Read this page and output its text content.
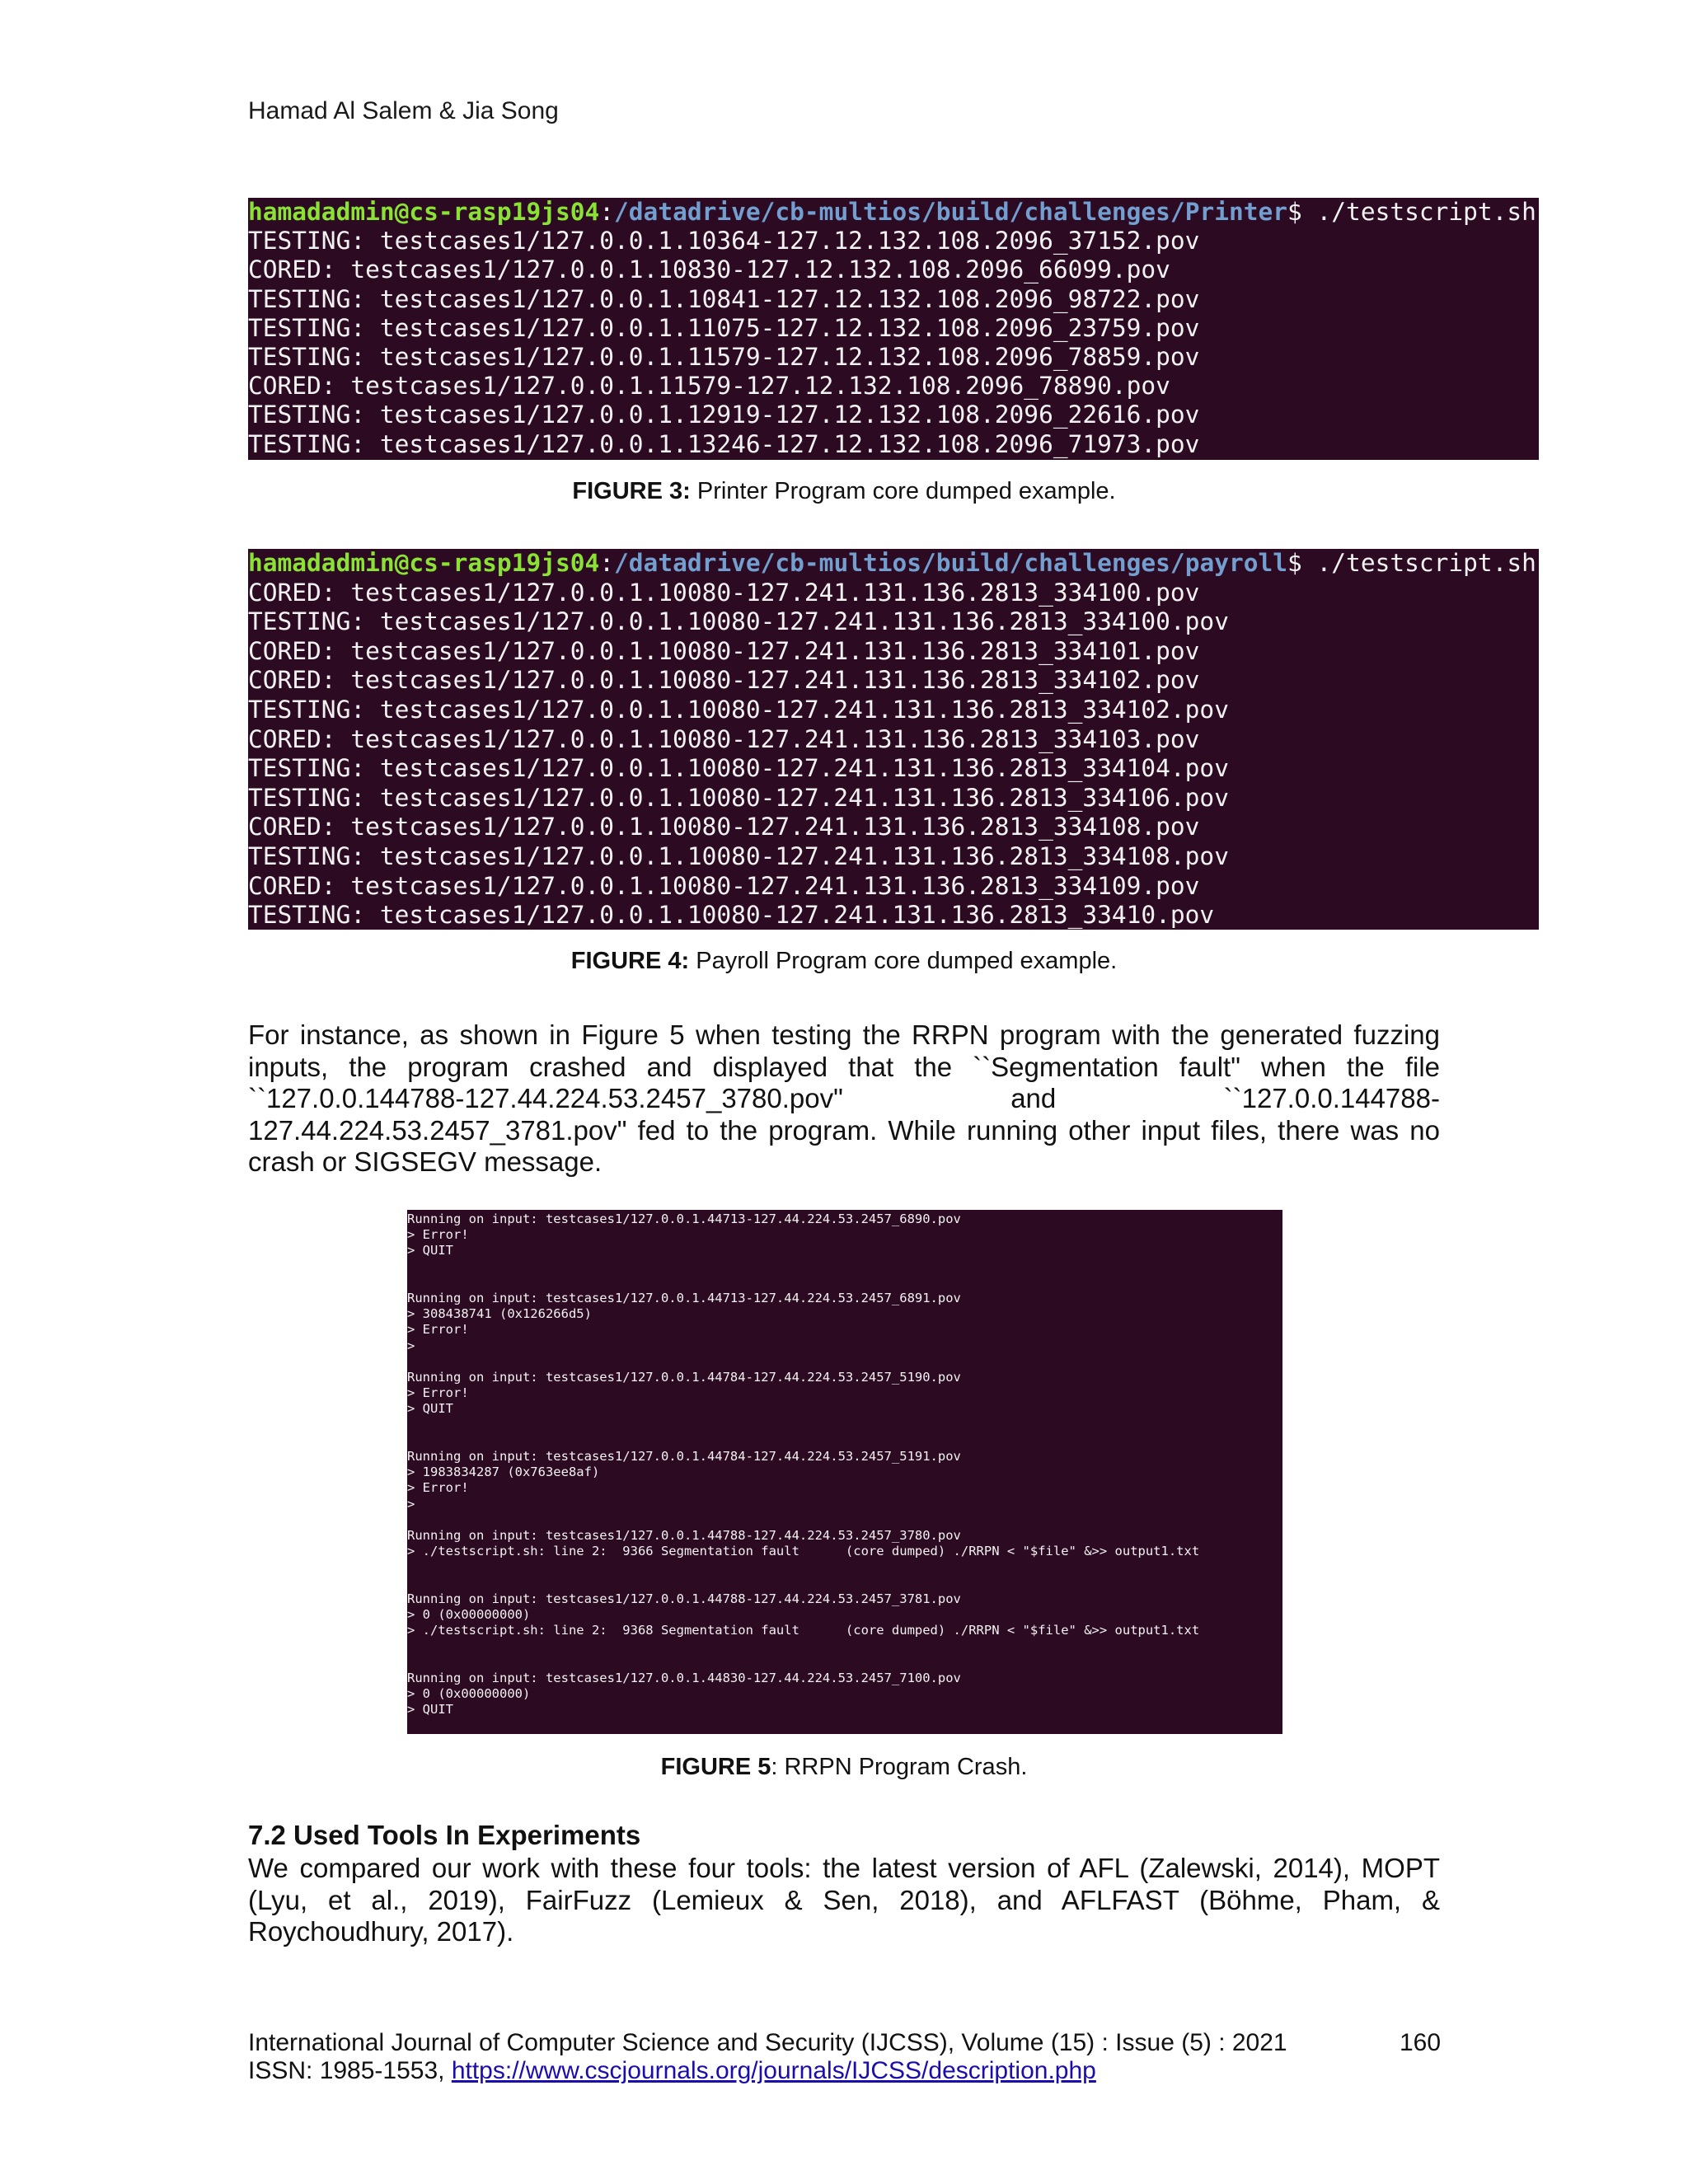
Hamad Al Salem & Jia Song
hamadadmin@cs-rasp19js04:/datadrive/cb-multios/build/challenges/Printer$ ./testscript.sh
TESTING: testcases1/127.0.0.1.10364-127.12.132.108.2096_37152.pov
CORED: testcases1/127.0.0.1.10830-127.12.132.108.2096_66099.pov
TESTING: testcases1/127.0.0.1.10841-127.12.132.108.2096_98722.pov
TESTING: testcases1/127.0.0.1.11075-127.12.132.108.2096_23759.pov
TESTING: testcases1/127.0.0.1.11579-127.12.132.108.2096_78859.pov
CORED: testcases1/127.0.0.1.11579-127.12.132.108.2096_78890.pov
TESTING: testcases1/127.0.0.1.12919-127.12.132.108.2096_22616.pov
TESTING: testcases1/127.0.0.1.13246-127.12.132.108.2096_71973.pov
FIGURE 3: Printer Program core dumped example.
hamadadmin@cs-rasp19js04:/datadrive/cb-multios/build/challenges/payroll$ ./testscript.sh
CORED: testcases1/127.0.0.1.10080-127.241.131.136.2813_334100.pov
TESTING: testcases1/127.0.0.1.10080-127.241.131.136.2813_334100.pov
CORED: testcases1/127.0.0.1.10080-127.241.131.136.2813_334101.pov
CORED: testcases1/127.0.0.1.10080-127.241.131.136.2813_334102.pov
TESTING: testcases1/127.0.0.1.10080-127.241.131.136.2813_334102.pov
CORED: testcases1/127.0.0.1.10080-127.241.131.136.2813_334103.pov
TESTING: testcases1/127.0.0.1.10080-127.241.131.136.2813_334104.pov
TESTING: testcases1/127.0.0.1.10080-127.241.131.136.2813_334106.pov
CORED: testcases1/127.0.0.1.10080-127.241.131.136.2813_334108.pov
TESTING: testcases1/127.0.0.1.10080-127.241.131.136.2813_334108.pov
CORED: testcases1/127.0.0.1.10080-127.241.131.136.2813_334109.pov
TESTING: testcases1/127.0.0.1.10080-127.241.131.136.2813_33410.pov
FIGURE 4: Payroll Program core dumped example.
For instance, as shown in Figure 5 when testing the RRPN program with the generated fuzzing
inputs, the program crashed and displayed that the ``Segmentation fault" when the file
``127.0.0.144788-127.44.224.53.2457_3780.pov" and ``127.0.0.144788-
127.44.224.53.2457_3781.pov" fed to the program. While running other input files, there was no
crash or SIGSEGV message.
Running on input: testcases1/127.0.0.1.44713-127.44.224.53.2457_6890.pov
> Error!
> QUIT

Running on input: testcases1/127.0.0.1.44713-127.44.224.53.2457_6891.pov
> 308438741 (0x126266d5)
> Error!
>

Running on input: testcases1/127.0.0.1.44784-127.44.224.53.2457_5190.pov
> Error!
> QUIT

Running on input: testcases1/127.0.0.1.44784-127.44.224.53.2457_5191.pov
> 1983834287 (0x763ee8af)
> Error!
>

Running on input: testcases1/127.0.0.1.44788-127.44.224.53.2457_3780.pov
> ./testscript.sh: line 2:  9366 Segmentation fault      (core dumped) ./RRPN < "$file" &>> output1.txt

Running on input: testcases1/127.0.0.1.44788-127.44.224.53.2457_3781.pov
> 0 (0x00000000)
> ./testscript.sh: line 2:  9368 Segmentation fault      (core dumped) ./RRPN < "$file" &>> output1.txt

Running on input: testcases1/127.0.0.1.44830-127.44.224.53.2457_7100.pov
> 0 (0x00000000)
> QUIT
FIGURE 5: RRPN Program Crash.
7.2 Used Tools In Experiments
We compared our work with these four tools: the latest version of AFL (Zalewski, 2014), MOPT
(Lyu, et al., 2019), FairFuzz (Lemieux & Sen, 2018), and AFLFAST (Böhme, Pham, &
Roychoudhury, 2017).
International Journal of Computer Science and Security (IJCSS), Volume (15) : Issue (5) : 2021	160
ISSN: 1985-1553, https://www.cscjournals.org/journals/IJCSS/description.php
